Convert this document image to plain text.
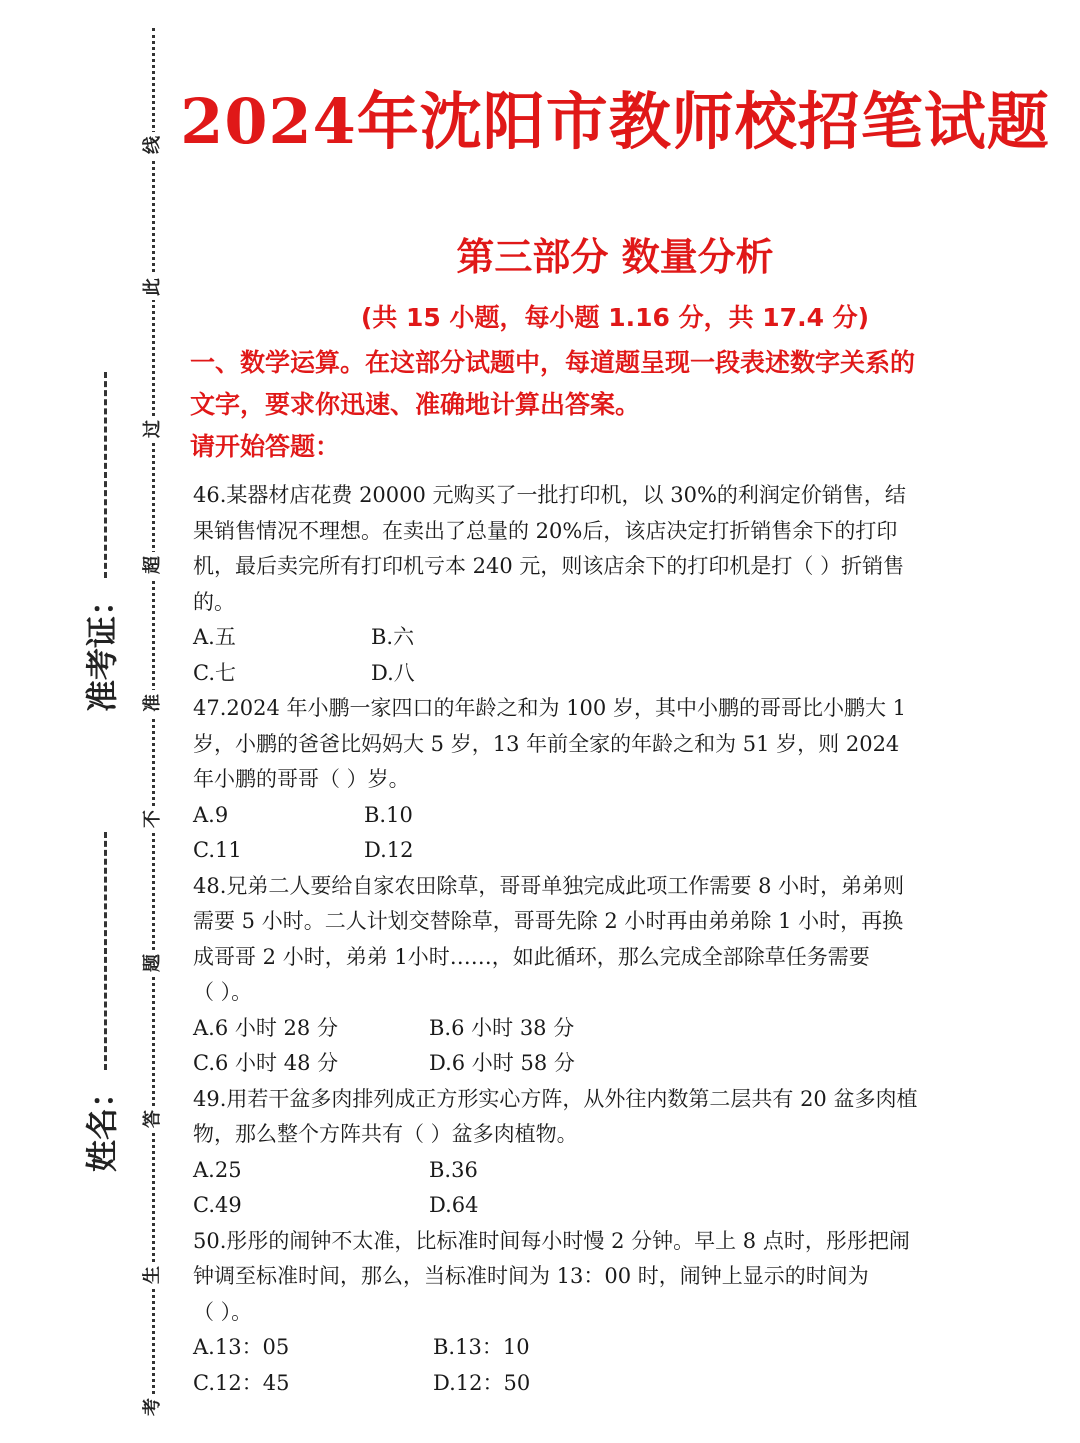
线
此
过
超
准
不
题
答
生
考
准考证：
姓名：
2024年沈阳市教师校招笔试题
第三部分 数量分析
(共 15 小题，每小题 1.16 分，共 17.4 分)
一、数学运算。在这部分试题中，每道题呈现一段表述数字关系的
文字，要求你迅速、准确地计算出答案。
请开始答题：

46.某器材店花费 20000 元购买了一批打印机，以 30%的利润定价销售，结

果销售情况不理想。在卖出了总量的 20%后，该店决定打折销售余下的打印

机，最后卖完所有打印机亏本 240 元，则该店余下的打印机是打（ ）折销售

的。

A.五	B.六
C.七	D.八

47.2024 年小鹏一家四口的年龄之和为 100 岁，其中小鹏的哥哥比小鹏大 1

岁，小鹏的爸爸比妈妈大 5 岁，13 年前全家的年龄之和为 51 岁，则 2024

年小鹏的哥哥（ ）岁。

A.9	B.10
C.11	D.12

48.兄弟二人要给自家农田除草，哥哥单独完成此项工作需要 8 小时，弟弟则

需要 5 小时。二人计划交替除草，哥哥先除 2 小时再由弟弟除 1 小时，再换

成哥哥 2 小时，弟弟 1小时……，如此循环，那么完成全部除草任务需要

（ ）。

A.6 小时 28 分	B.6 小时 38 分
C.6 小时 48 分	D.6 小时 58 分

49.用若干盆多肉排列成正方形实心方阵，从外往内数第二层共有 20 盆多肉植

物，那么整个方阵共有（ ）盆多肉植物。

A.25	B.36
C.49	D.64

50.彤彤的闹钟不太准，比标准时间每小时慢 2 分钟。早上 8 点时，彤彤把闹

钟调至标准时间，那么，当标准时间为 13：00 时，闹钟上显示的时间为

（ ）。

A.13：05	B.13：10
C.12：45	D.12：50
